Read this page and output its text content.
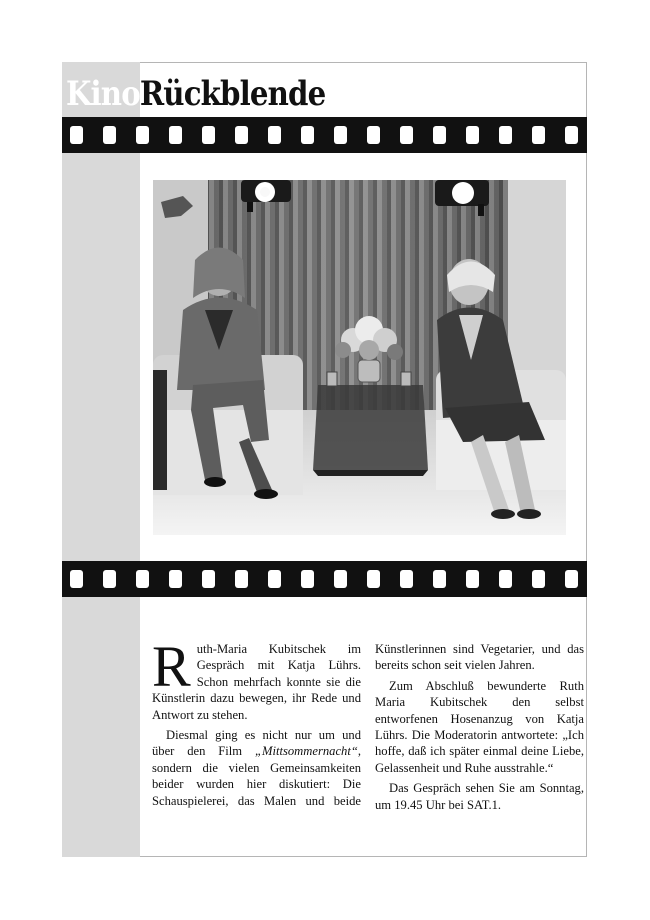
KinoRückblende

Ruth-Maria Kubitschek im Gespräch mit Katja Lührs. Schon mehrfach konnte sie die Künstlerin dazu bewegen, ihr Rede und Antwort zu stehen.

Diesmal ging es nicht nur um und über den Film „Mittsommernacht“, sondern die vielen Gemeinsamkeiten beider wurden hier diskutiert: Die Schauspielerei, das Malen und beide Künstlerinnen sind Vegetarier, und das bereits schon seit vielen Jahren.

Zum Abschluß bewunderte Ruth Maria Kubitschek den selbst entworfenen Hosenanzug von Katja Lührs. Die Moderatorin antwortete: „Ich hoffe, daß ich später einmal deine Liebe, Gelassenheit und Ruhe ausstrahle.“

Das Gespräch sehen Sie am Sonntag, um 19.45 Uhr bei SAT.1.
